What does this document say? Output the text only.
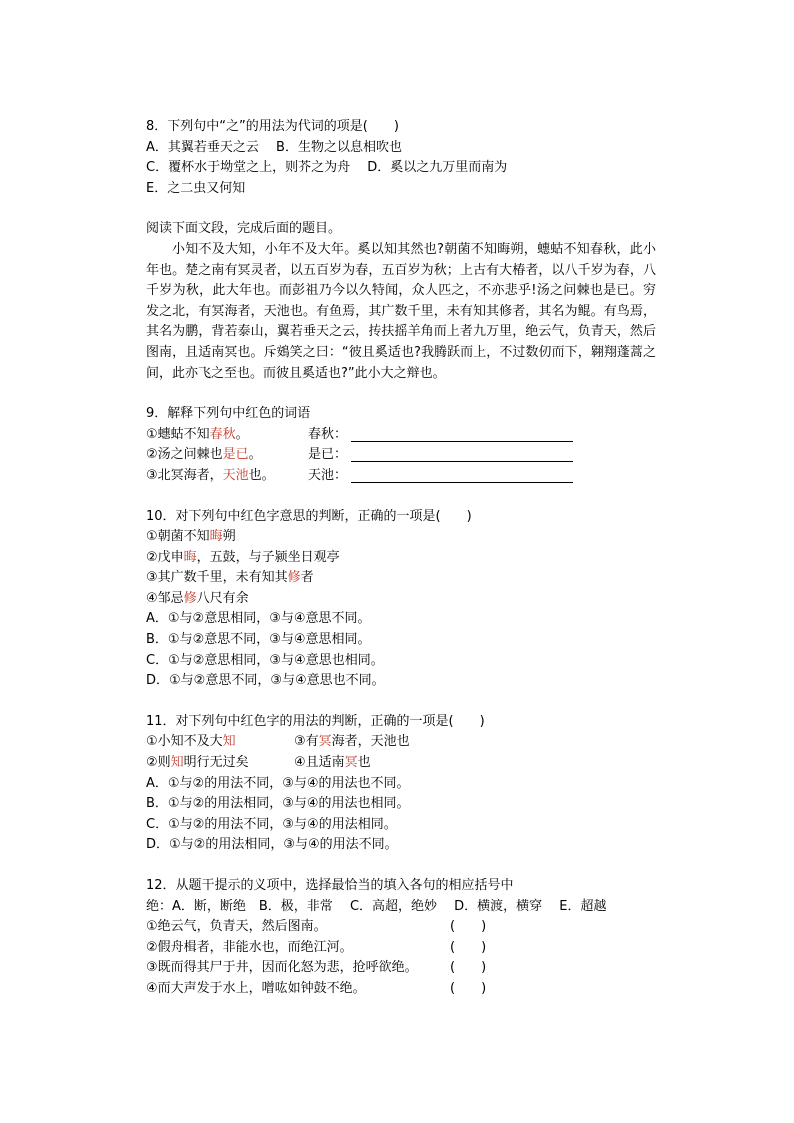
8．下列句中“之”的用法为代词的项是(　　)
A．其翼若垂天之云　 B．生物之以息相吹也
C．覆杯水于坳堂之上，则芥之为舟　 D．奚以之九万里而南为
E．之二虫又何知
阅读下面文段，完成后面的题目。
小知不及大知，小年不及大年。奚以知其然也?朝菌不知晦朔，蟪蛄不知春秋，此小年也。楚之南有冥灵者，以五百岁为春，五百岁为秋；上古有大椿者，以八千岁为春，八千岁为秋，此大年也。而彭祖乃今以久特闻，众人匹之，不亦悲乎!汤之问棘也是已。穷发之北，有冥海者，天池也。有鱼焉，其广数千里，未有知其修者，其名为鲲。有鸟焉，其名为鹏，背若泰山，翼若垂天之云，抟扶摇羊角而上者九万里，绝云气，负青天，然后图南，且适南冥也。斥鴳笑之曰：“彼且奚适也?我腾跃而上，不过数仞而下，翱翔蓬蒿之间，此亦飞之至也。而彼且奚适也?”此小大之辩也。
9．解释下列句中红色的词语
①蟪蛄不知春秋。	春秋：
②汤之问棘也是已。	是已：
③北冥海者，天池也。	天池：
10．对下列句中红色字意思的判断，正确的一项是(　　)
①朝菌不知晦朔
②戊申晦，五鼓，与子颍坐日观亭
③其广数千里，未有知其修者
④邹忌修八尺有余
A．①与②意思相同，③与④意思不同。
B．①与②意思不同，③与④意思相同。
C．①与②意思相同，③与④意思也相同。
D．①与②意思不同，③与④意思也不同。
11．对下列句中红色字的用法的判断，正确的一项是(　　)
①小知不及大知	③有冥海者，天池也
②则知明行无过矣	④且适南冥也
A．①与②的用法不同，③与④的用法也不同。
B．①与②的用法相同，③与④的用法也相同。
C．①与②的用法不同，③与④的用法相同。
D．①与②的用法相同，③与④的用法不同。
12．从题干提示的义项中，选择最恰当的填入各句的相应括号中
绝：A．断，断绝　B．极，非常　 C．高超，绝妙　 D．横渡，横穿　 E．超越
①绝云气，负青天，然后图南。	(　　)
②假舟楫者，非能水也，而绝江河。	(　　)
③既而得其尸于井，因而化怒为悲，抢呼欲绝。 (　　)
④而大声发于水上，噌吰如钟鼓不绝。	(　　)
